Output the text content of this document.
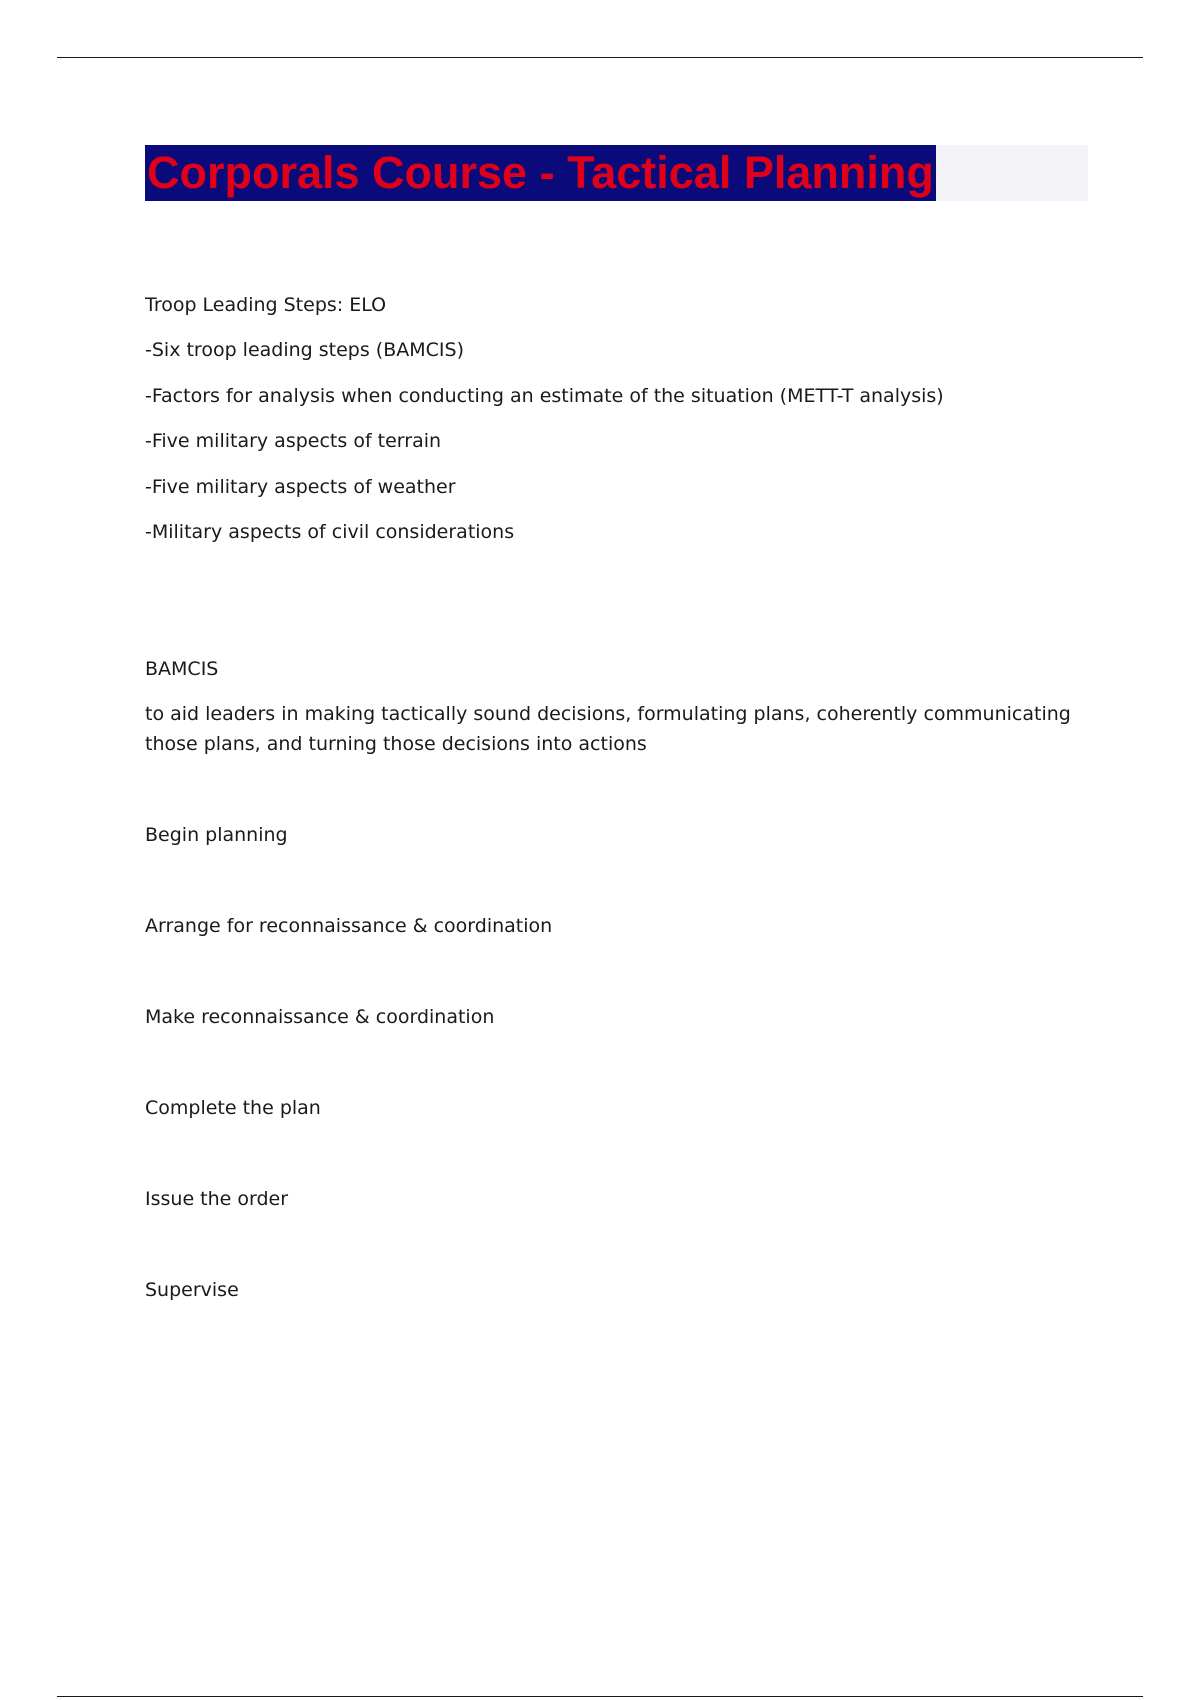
Corporals Course - Tactical Planning
Troop Leading Steps: ELO
-Six troop leading steps (BAMCIS)
-Factors for analysis when conducting an estimate of the situation (METT-T analysis)
-Five military aspects of terrain
-Five military aspects of weather
-Military aspects of civil considerations
BAMCIS
to aid leaders in making tactically sound decisions, formulating plans, coherently communicating those plans, and turning those decisions into actions
Begin planning
Arrange for reconnaissance & coordination
Make reconnaissance & coordination
Complete the plan
Issue the order
Supervise
